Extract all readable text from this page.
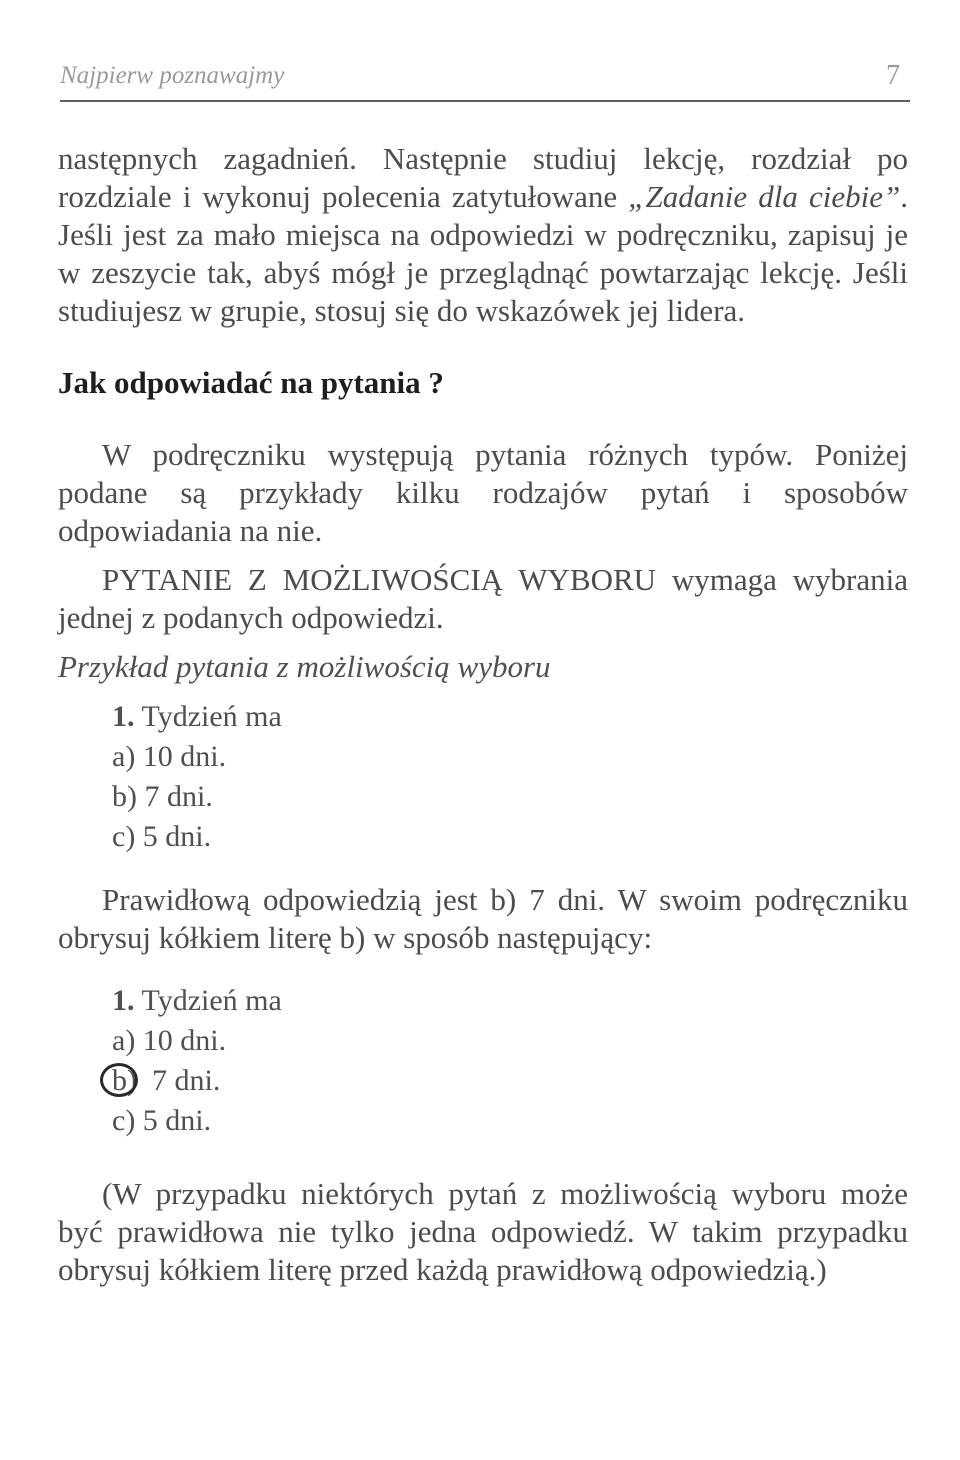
Najpierw poznawajmy	7

następnych zagadnień. Następnie studiuj lekcję, rozdział po rozdziale i wykonuj polecenia zatytułowane „Zadanie dla ciebie”. Jeśli jest za mało miejsca na odpowiedzi w podręczniku, zapisuj je w zeszycie tak, abyś mógł je przeglądnąć powtarzając lekcję. Jeśli studiujesz w grupie, stosuj się do wskazówek jej lidera.

Jak odpowiadać na pytania ?

W podręczniku występują pytania różnych typów. Poniżej podane są przykłady kilku rodzajów pytań i sposobów odpowiadania na nie.

PYTANIE Z MOŻLIWOŚCIĄ WYBORU wymaga wybrania jednej z podanych odpowiedzi.

Przykład pytania z możliwością wyboru

1. Tydzień ma
a) 10 dni.
b) 7 dni.
c) 5 dni.

Prawidłową odpowiedzią jest b) 7 dni. W swoim podręczniku obrysuj kółkiem literę b) w sposób następujący:

1. Tydzień ma
a) 10 dni.
b) 7 dni.
c) 5 dni.

(W przypadku niektórych pytań z możliwością wyboru może być prawidłowa nie tylko jedna odpowiedź. W takim przypadku obrysuj kółkiem literę przed każdą prawidłową odpowiedzią.)
